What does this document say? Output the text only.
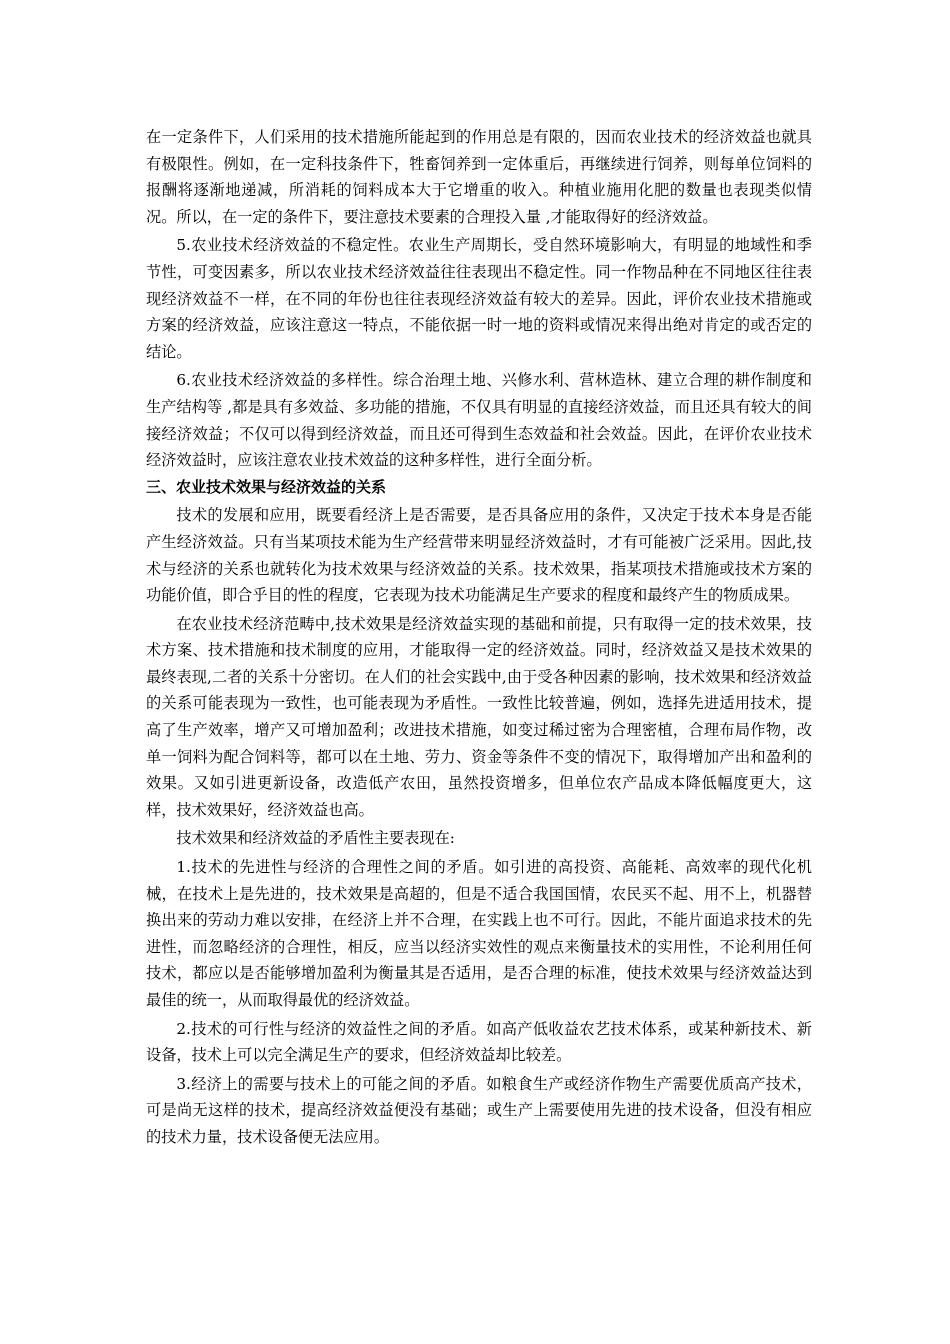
在一定条件下，人们采用的技术措施所能起到的作用总是有限的，因而农业技术的经济效益也就具有极限性。例如，在一定科技条件下，牲畜饲养到一定体重后，再继续进行饲养，则每单位饲料的报酬将逐渐地递减，所消耗的饲料成本大于它增重的收入。种植业施用化肥的数量也表现类似情况。所以，在一定的条件下，要注意技术要素的合理投入量 ,才能取得好的经济效益。

5.农业技术经济效益的不稳定性。农业生产周期长，受自然环境影响大，有明显的地域性和季节性，可变因素多，所以农业技术经济效益往往表现出不稳定性。同一作物品种在不同地区往往表现经济效益不一样，在不同的年份也往往表现经济效益有较大的差异。因此，评价农业技术措施或方案的经济效益，应该注意这一特点，不能依据一时一地的资料或情况来得出绝对肯定的或否定的结论。

6.农业技术经济效益的多样性。综合治理土地、兴修水利、营林造林、建立合理的耕作制度和生产结构等 ,都是具有多效益、多功能的措施，不仅具有明显的直接经济效益，而且还具有较大的间接经济效益；不仅可以得到经济效益，而且还可得到生态效益和社会效益。因此，在评价农业技术经济效益时，应该注意农业技术效益的这种多样性，进行全面分析。

三、农业技术效果与经济效益的关系

技术的发展和应用，既要看经济上是否需要，是否具备应用的条件，又决定于技术本身是否能产生经济效益。只有当某项技术能为生产经营带来明显经济效益时，才有可能被广泛采用。因此,技术与经济的关系也就转化为技术效果与经济效益的关系。技术效果，指某项技术措施或技术方案的功能价值，即合乎目的性的程度，它表现为技术功能满足生产要求的程度和最终产生的物质成果。

在农业技术经济范畴中,技术效果是经济效益实现的基础和前提，只有取得一定的技术效果，技术方案、技术措施和技术制度的应用，才能取得一定的经济效益。同时，经济效益又是技术效果的最终表现,二者的关系十分密切。在人们的社会实践中,由于受各种因素的影响，技术效果和经济效益的关系可能表现为一致性，也可能表现为矛盾性。一致性比较普遍，例如，选择先进适用技术，提高了生产效率，增产又可增加盈利；改进技术措施，如变过稀过密为合理密植，合理布局作物，改单一饲料为配合饲料等，都可以在土地、劳力、资金等条件不变的情况下，取得增加产出和盈利的效果。又如引进更新设备，改造低产农田，虽然投资增多，但单位农产品成本降低幅度更大，这样，技术效果好，经济效益也高。

技术效果和经济效益的矛盾性主要表现在:

1.技术的先进性与经济的合理性之间的矛盾。如引进的高投资、高能耗、高效率的现代化机械，在技术上是先进的，技术效果是高超的，但是不适合我国国情，农民买不起、用不上，机器替换出来的劳动力难以安排，在经济上并不合理，在实践上也不可行。因此，不能片面追求技术的先进性，而忽略经济的合理性，相反，应当以经济实效性的观点来衡量技术的实用性，不论利用任何技术，都应以是否能够增加盈利为衡量其是否适用，是否合理的标准，使技术效果与经济效益达到最佳的统一，从而取得最优的经济效益。

2.技术的可行性与经济的效益性之间的矛盾。如高产低收益农艺技术体系，或某种新技术、新设备，技术上可以完全满足生产的要求，但经济效益却比较差。

3.经济上的需要与技术上的可能之间的矛盾。如粮食生产或经济作物生产需要优质高产技术，可是尚无这样的技术，提高经济效益便没有基础；或生产上需要使用先进的技术设备，但没有相应的技术力量，技术设备便无法应用。
